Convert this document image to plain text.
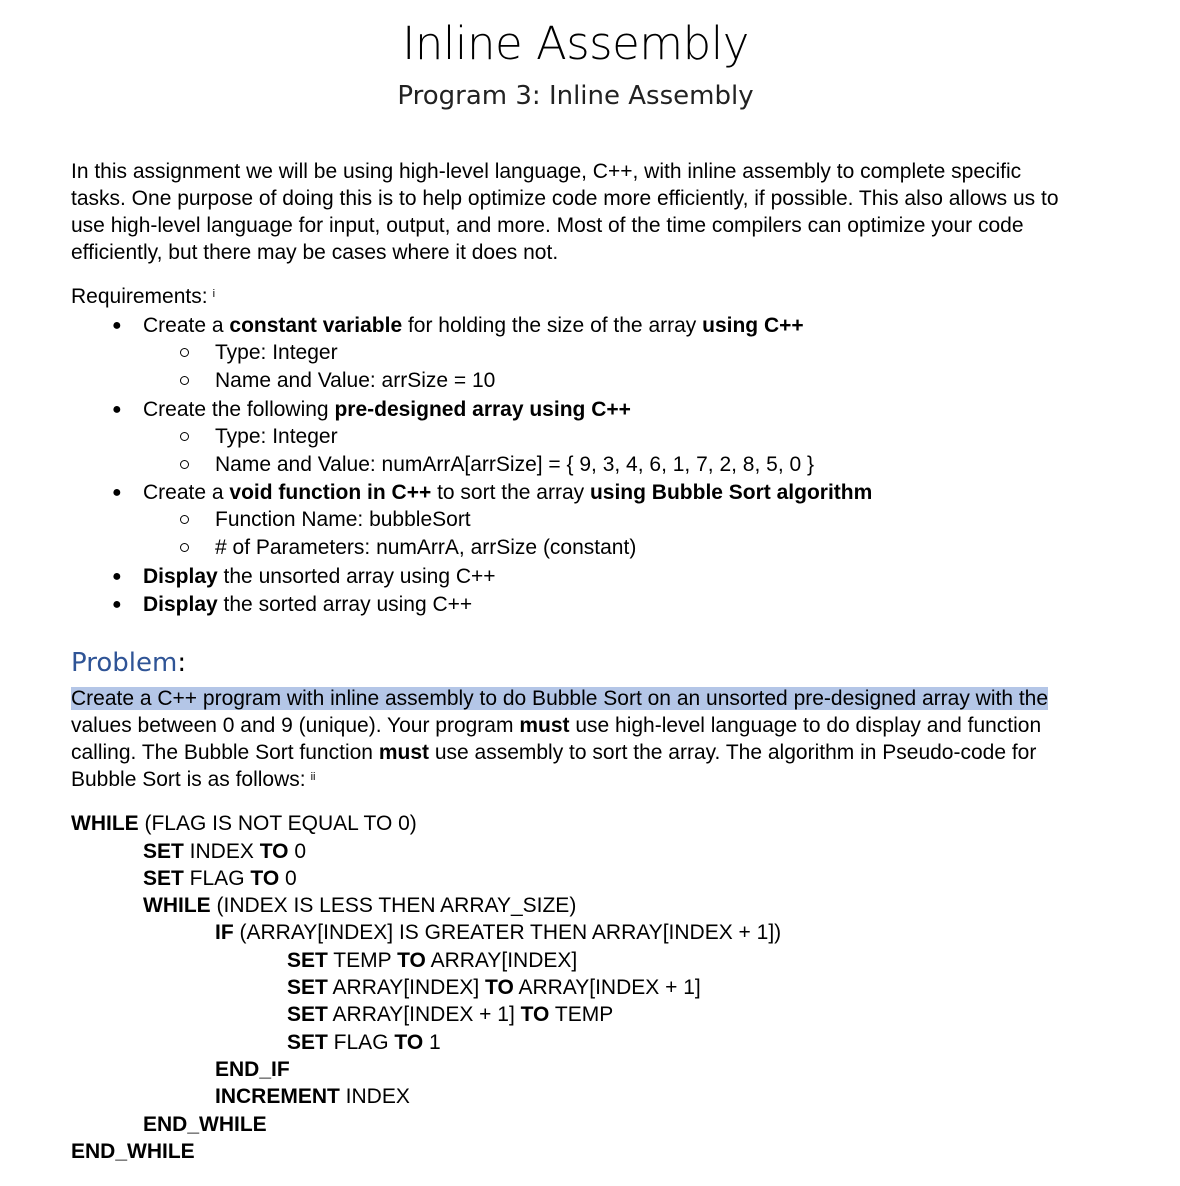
Inline Assembly
Program 3: Inline Assembly
In this assignment we will be using high-level language, C++, with inline assembly to complete specific
tasks. One purpose of doing this is to help optimize code more efficiently, if possible. This also allows us to
use high-level language for input, output, and more. Most of the time compilers can optimize your code
efficiently, but there may be cases where it does not.
Requirements: $^i$
● Create a constant variable for holding the size of the array using C++
Type: Integer
Name and Value: arrSize = 10
● Create the following pre-designed array using C++
Type: Integer
Name and Value: numArrA[arrSize] = { 9, 3, 4, 6, 1, 7, 2, 8, 5, 0 }
● Create a void function in C++ to sort the array using Bubble Sort algorithm
Function Name: bubbleSort
# of Parameters: numArrA, arrSize (constant)
● Display the unsorted array using C++
● Display the sorted array using C++
Problem:
Create a C++ program with inline assembly to do Bubble Sort on an unsorted pre-designed array with the
values between 0 and 9 (unique). Your program must use high-level language to do display and function
calling. The Bubble Sort function must use assembly to sort the array. The algorithm in Pseudo-code for
Bubble Sort is as follows: $^{ii}$
WHILE (FLAG IS NOT EQUAL TO 0)
SET INDEX TO 0
SET FLAG TO 0
WHILE (INDEX IS LESS THEN ARRAY_SIZE)
IF (ARRAY[INDEX] IS GREATER THEN ARRAY[INDEX + 1])
SET TEMP TO ARRAY[INDEX]
SET ARRAY[INDEX] TO ARRAY[INDEX + 1]
SET ARRAY[INDEX + 1] TO TEMP
SET FLAG TO 1
END_IF
INCREMENT INDEX
END_WHILE
END_WHILE
